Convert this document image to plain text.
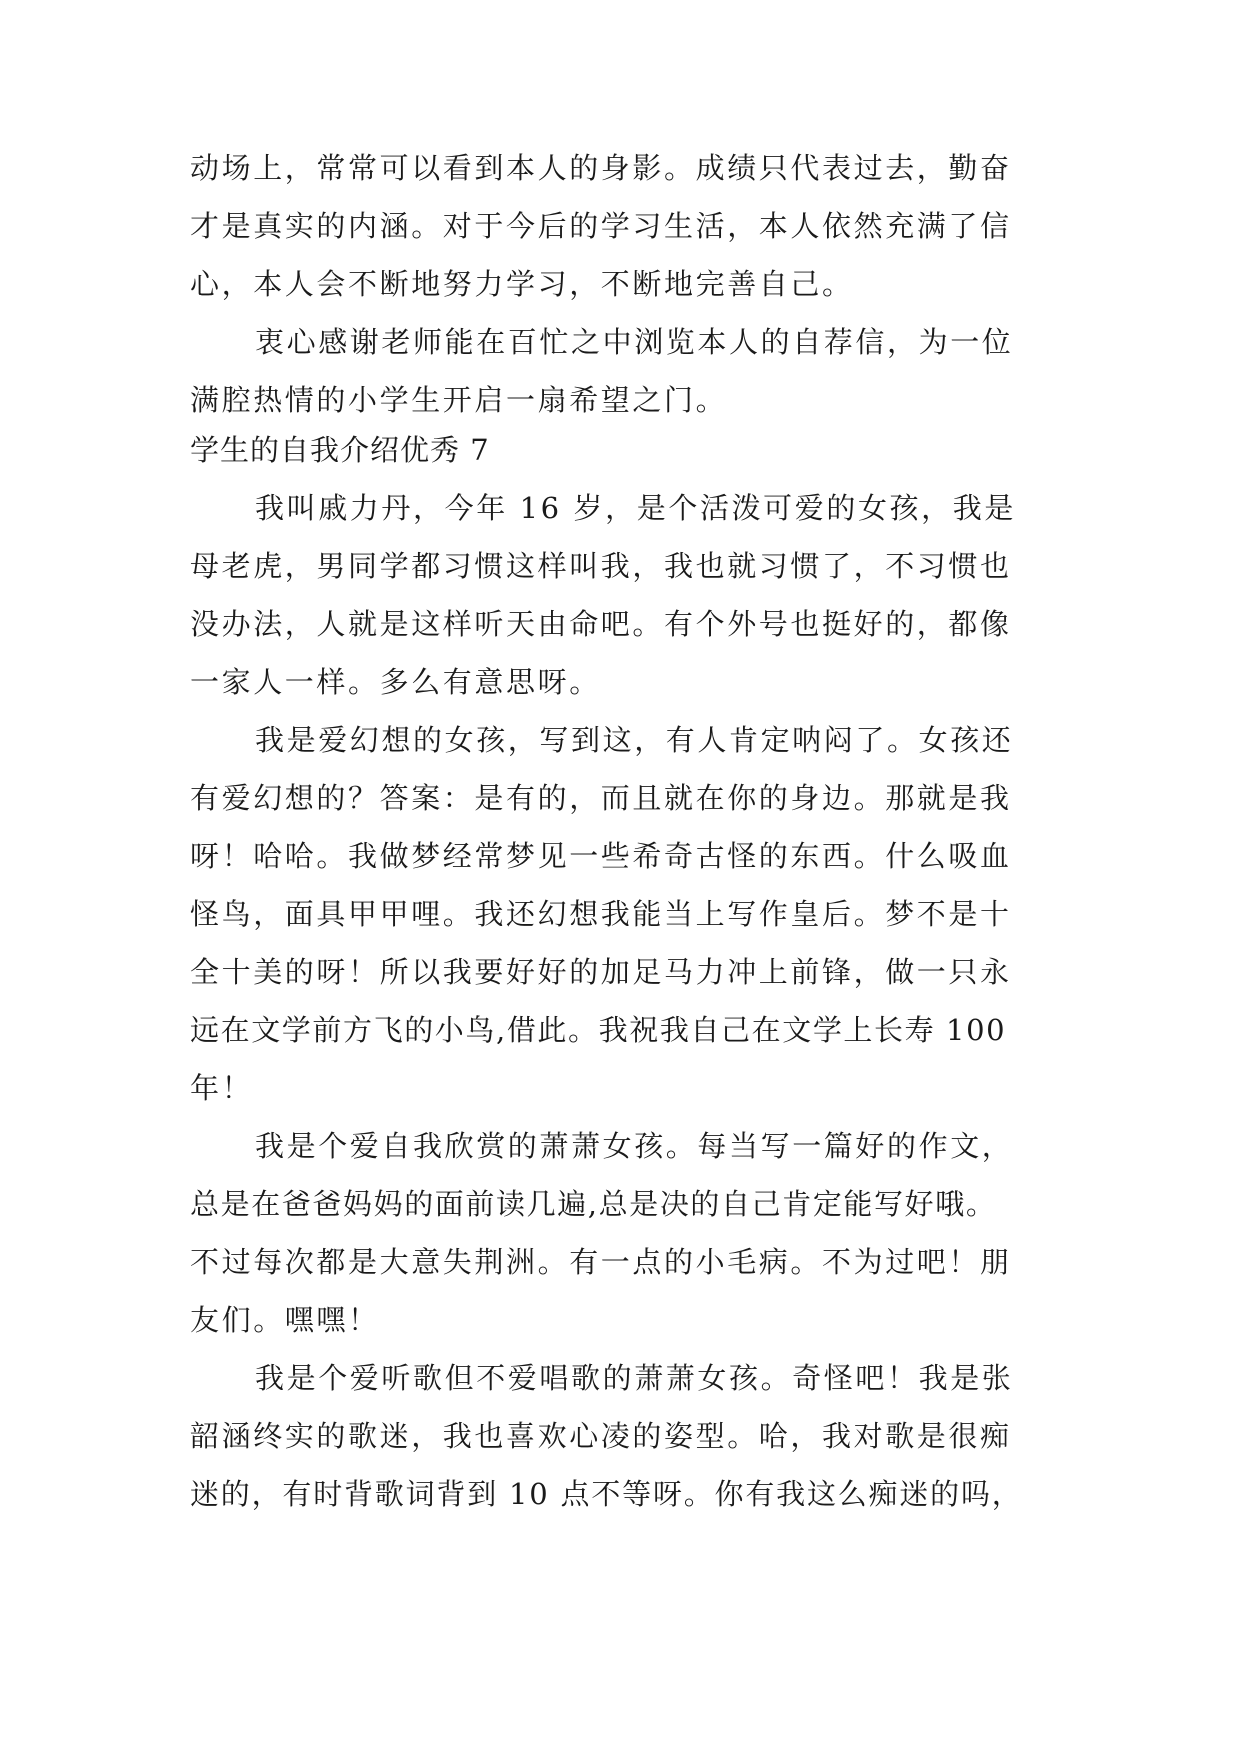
动场上，常常可以看到本人的身影。成绩只代表过去，勤奋
才是真实的内涵。对于今后的学习生活，本人依然充满了信
心，本人会不断地努力学习，不断地完善自己。
衷心感谢老师能在百忙之中浏览本人的自荐信，为一位
满腔热情的小学生开启一扇希望之门。
学生的自我介绍优秀 7
我叫戚力丹，今年 16 岁，是个活泼可爱的女孩，我是
母老虎，男同学都习惯这样叫我，我也就习惯了，不习惯也
没办法，人就是这样听天由命吧。有个外号也挺好的，都像
一家人一样。多么有意思呀。
我是爱幻想的女孩，写到这，有人肯定呐闷了。女孩还
有爱幻想的？答案：是有的，而且就在你的身边。那就是我
呀！哈哈。我做梦经常梦见一些希奇古怪的东西。什么吸血
怪鸟，面具甲甲哩。我还幻想我能当上写作皇后。梦不是十
全十美的呀！所以我要好好的加足马力冲上前锋，做一只永
远在文学前方飞的小鸟,借此。我祝我自己在文学上长寿 100
年！
我是个爱自我欣赏的萧萧女孩。每当写一篇好的作文，
总是在爸爸妈妈的面前读几遍,总是决的自己肯定能写好哦。
不过每次都是大意失荆洲。有一点的小毛病。不为过吧！朋
友们。嘿嘿！
我是个爱听歌但不爱唱歌的萧萧女孩。奇怪吧！我是张
韶涵终实的歌迷，我也喜欢心凌的姿型。哈，我对歌是很痴
迷的，有时背歌词背到 10 点不等呀。你有我这么痴迷的吗，
